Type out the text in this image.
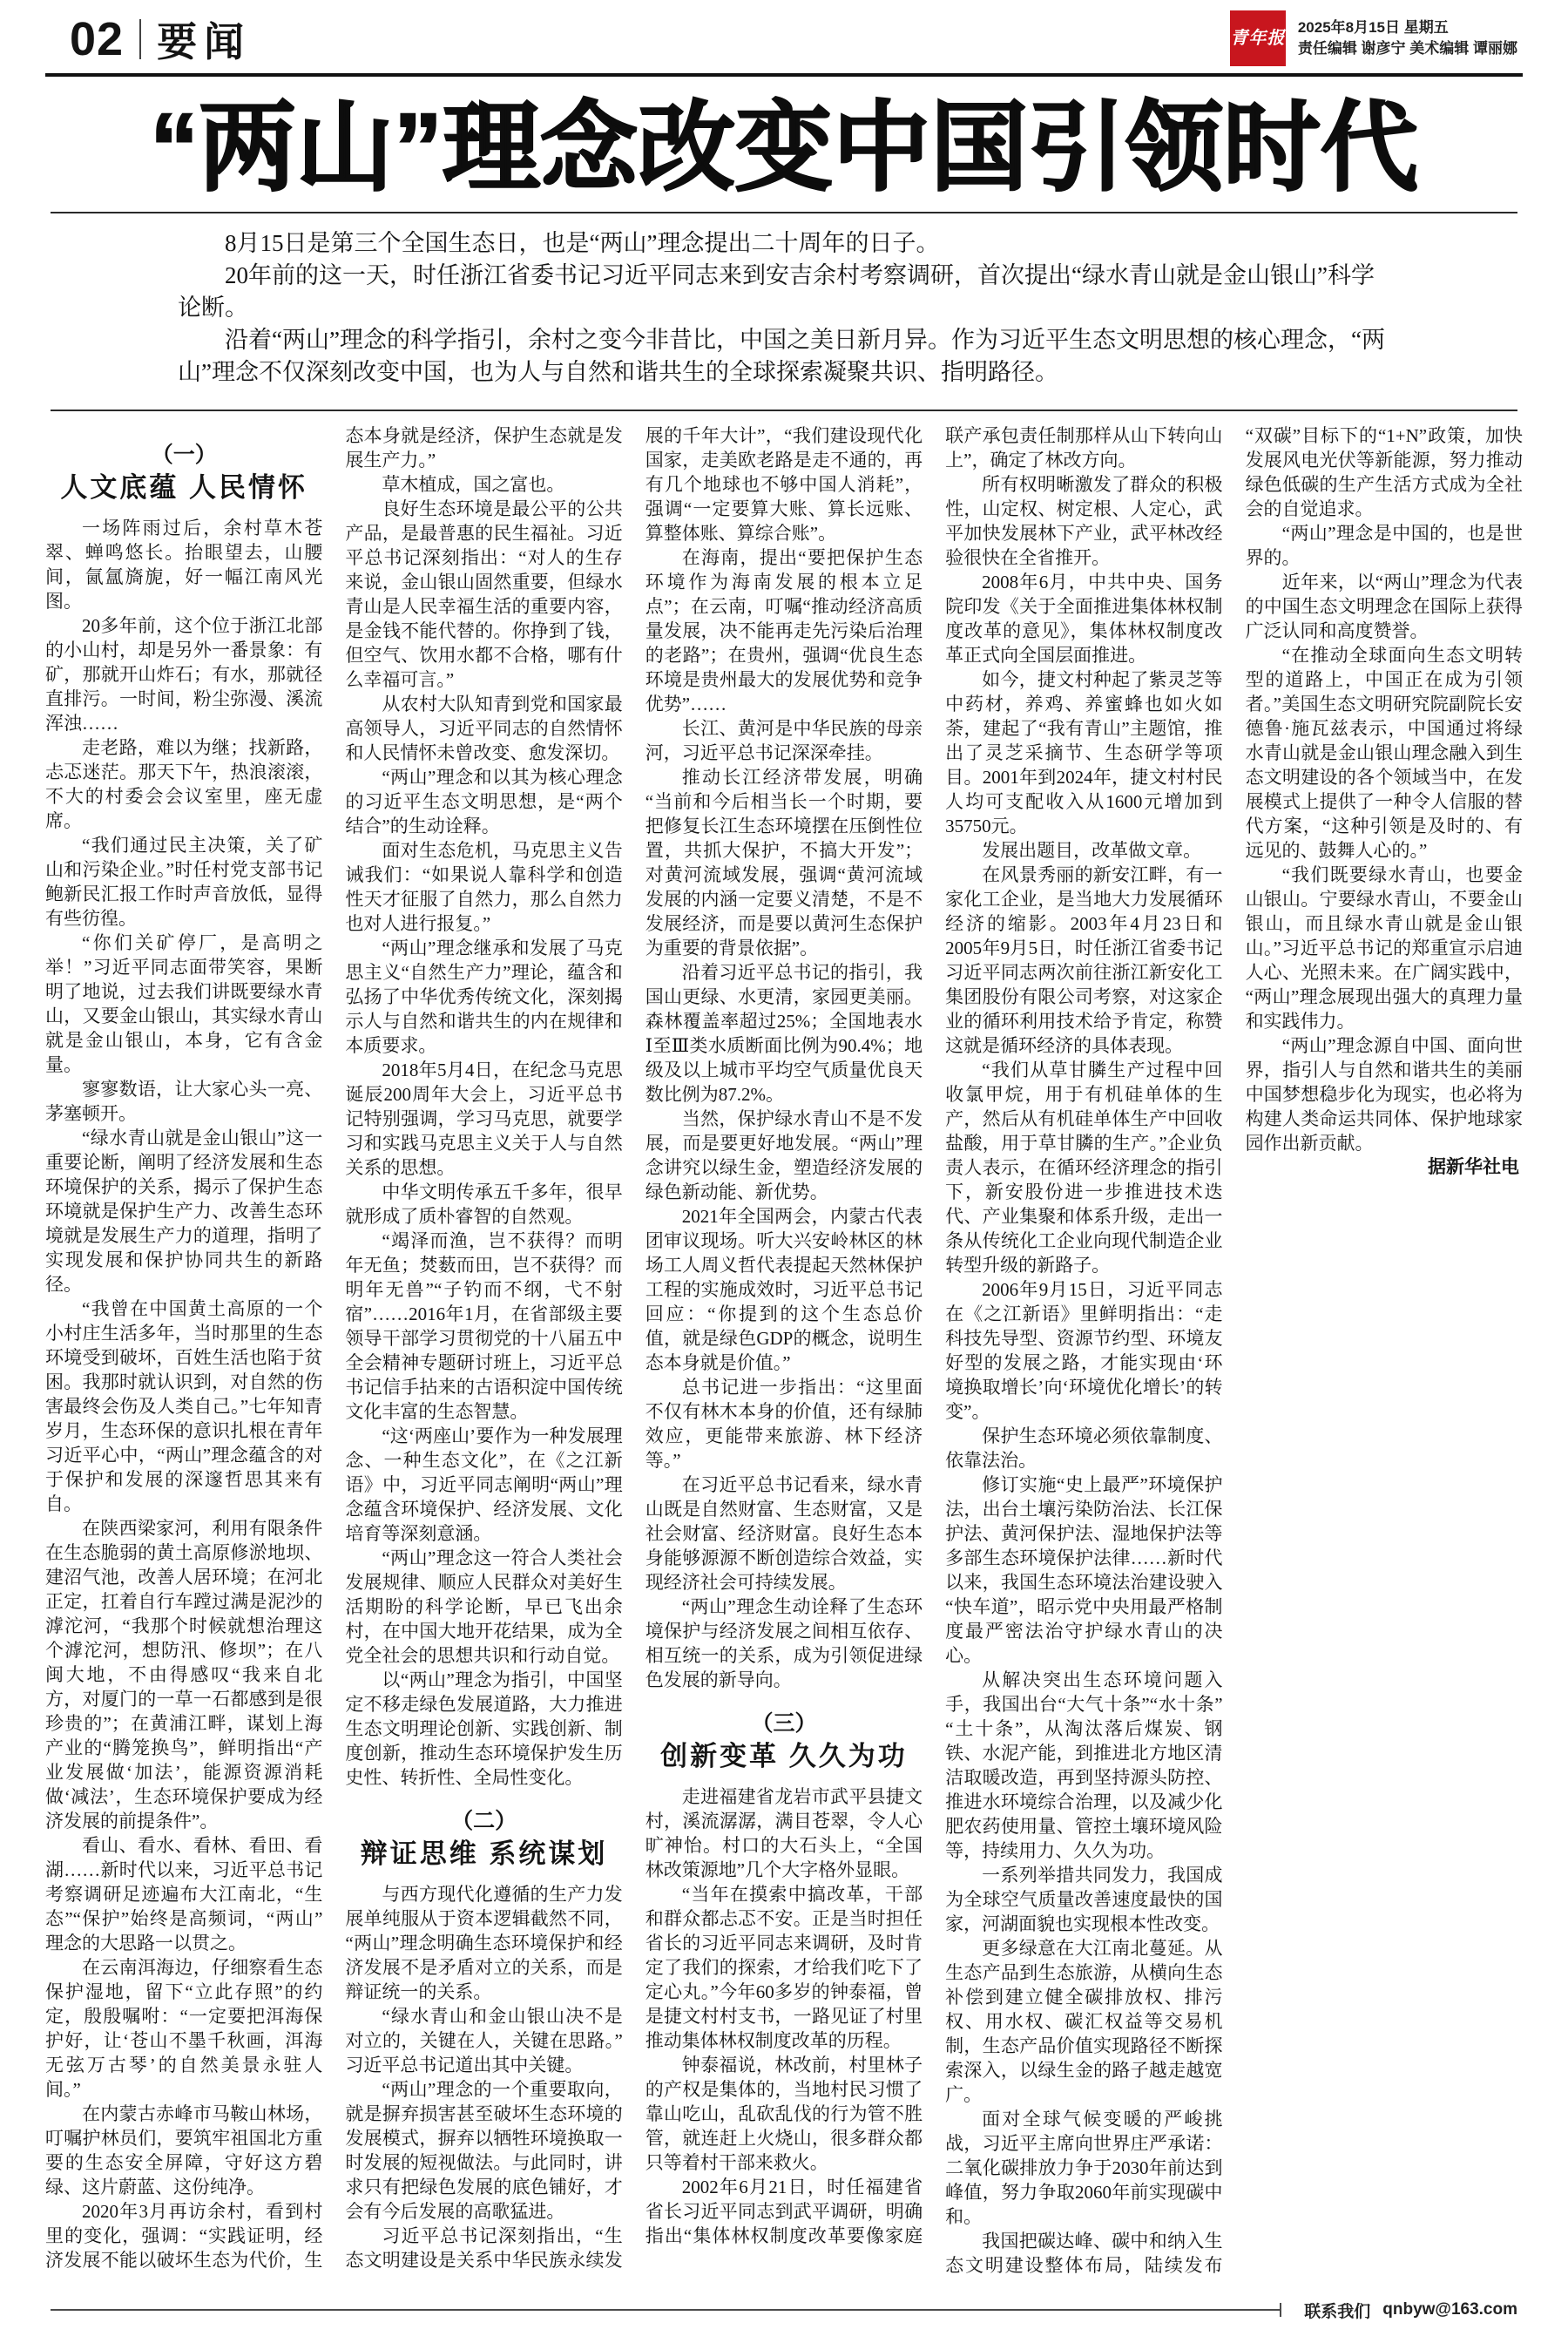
02 要闻	青年报
2025年8月15日 星期五
责任编辑 谢彦宁 美术编辑 谭丽娜
“两山”理念改变中国引领时代

8月15日是第三个全国生态日，也是“两山”理念提出二十周年的日子。

20年前的这一天，时任浙江省委书记习近平同志来到安吉余村考察调研，首次提出“绿水青山就是金山银山”科学论断。

沿着“两山”理念的科学指引，余村之变今非昔比，中国之美日新月异。作为习近平生态文明思想的核心理念，“两山”理念不仅深刻改变中国，也为人与自然和谐共生的全球探索凝聚共识、指明路径。

（一）
人文底蕴 人民情怀

一场阵雨过后，余村草木苍翠、蝉鸣悠长。抬眼望去，山腰间，氤氲旖旎，好一幅江南风光图。

20多年前，这个位于浙江北部的小山村，却是另外一番景象：有矿，那就开山炸石；有水，那就径直排污。一时间，粉尘弥漫、溪流浑浊……

走老路，难以为继；找新路，忐忑迷茫。那天下午，热浪滚滚，不大的村委会会议室里，座无虚席。

“我们通过民主决策，关了矿山和污染企业。”时任村党支部书记鲍新民汇报工作时声音放低，显得有些彷徨。

“你们关矿停厂，是高明之举！”习近平同志面带笑容，果断明了地说，过去我们讲既要绿水青山，又要金山银山，其实绿水青山就是金山银山，本身，它有含金量。

寥寥数语，让大家心头一亮、茅塞顿开。

“绿水青山就是金山银山”这一重要论断，阐明了经济发展和生态环境保护的关系，揭示了保护生态环境就是保护生产力、改善生态环境就是发展生产力的道理，指明了实现发展和保护协同共生的新路径。

“我曾在中国黄土高原的一个小村庄生活多年，当时那里的生态环境受到破坏，百姓生活也陷于贫困。我那时就认识到，对自然的伤害最终会伤及人类自己。”七年知青岁月，生态环保的意识扎根在青年习近平心中，“两山”理念蕴含的对于保护和发展的深邃哲思其来有自。

在陕西梁家河，利用有限条件在生态脆弱的黄土高原修淤地坝、建沼气池，改善人居环境；在河北正定，扛着自行车蹚过满是泥沙的滹沱河，“我那个时候就想治理这个滹沱河，想防汛、修坝”；在八闽大地，不由得感叹“我来自北方，对厦门的一草一石都感到是很珍贵的”；在黄浦江畔，谋划上海产业的“腾笼换鸟”，鲜明指出“产业发展做‘加法’，能源资源消耗做‘减法’，生态环境保护要成为经济发展的前提条件”。

看山、看水、看林、看田、看湖……新时代以来，习近平总书记考察调研足迹遍布大江南北，“生态”“保护”始终是高频词，“两山”理念的大思路一以贯之。

在云南洱海边，仔细察看生态保护湿地，留下“立此存照”的约定，殷殷嘱咐：“一定要把洱海保护好，让‘苍山不墨千秋画，洱海无弦万古琴’的自然美景永驻人间。”

在内蒙古赤峰市马鞍山林场，叮嘱护林员们，要筑牢祖国北方重要的生态安全屏障，守好这方碧绿、这片蔚蓝、这份纯净。

2020年3月再访余村，看到村里的变化，强调：“实践证明，经济发展不能以破坏生态为代价，生态本身就是经济，保护生态就是发展生产力。”

草木植成，国之富也。

良好生态环境是最公平的公共产品，是最普惠的民生福祉。习近平总书记深刻指出：“对人的生存来说，金山银山固然重要，但绿水青山是人民幸福生活的重要内容，是金钱不能代替的。你挣到了钱，但空气、饮用水都不合格，哪有什么幸福可言。”

从农村大队知青到党和国家最高领导人，习近平同志的自然情怀和人民情怀未曾改变、愈发深切。

“两山”理念和以其为核心理念的习近平生态文明思想，是“两个结合”的生动诠释。

面对生态危机，马克思主义告诫我们：“如果说人靠科学和创造性天才征服了自然力，那么自然力也对人进行报复。”

“两山”理念继承和发展了马克思主义“自然生产力”理论，蕴含和弘扬了中华优秀传统文化，深刻揭示人与自然和谐共生的内在规律和本质要求。

2018年5月4日，在纪念马克思诞辰200周年大会上，习近平总书记特别强调，学习马克思，就要学习和实践马克思主义关于人与自然关系的思想。

中华文明传承五千多年，很早就形成了质朴睿智的自然观。

“竭泽而渔，岂不获得？而明年无鱼；焚薮而田，岂不获得？而明年无兽”“子钓而不纲，弋不射宿”……2016年1月，在省部级主要领导干部学习贯彻党的十八届五中全会精神专题研讨班上，习近平总书记信手拈来的古语积淀中国传统文化丰富的生态智慧。

“这‘两座山’要作为一种发展理念、一种生态文化”，在《之江新语》中，习近平同志阐明“两山”理念蕴含环境保护、经济发展、文化培育等深刻意涵。

“两山”理念这一符合人类社会发展规律、顺应人民群众对美好生活期盼的科学论断，早已飞出余村，在中国大地开花结果，成为全党全社会的思想共识和行动自觉。

以“两山”理念为指引，中国坚定不移走绿色发展道路，大力推进生态文明理论创新、实践创新、制度创新，推动生态环境保护发生历史性、转折性、全局性变化。

（二）
辩证思维 系统谋划

与西方现代化遵循的生产力发展单纯服从于资本逻辑截然不同，“两山”理念明确生态环境保护和经济发展不是矛盾对立的关系，而是辩证统一的关系。

“绿水青山和金山银山决不是对立的，关键在人，关键在思路。”习近平总书记道出其中关键。

“两山”理念的一个重要取向，就是摒弃损害甚至破坏生态环境的发展模式，摒弃以牺牲环境换取一时发展的短视做法。与此同时，讲求只有把绿色发展的底色铺好，才会有今后发展的高歌猛进。

习近平总书记深刻指出，“生态文明建设是关系中华民族永续发展的千年大计”，“我们建设现代化国家，走美欧老路是走不通的，再有几个地球也不够中国人消耗”，强调“一定要算大账、算长远账、算整体账、算综合账”。

在海南，提出“要把保护生态环境作为海南发展的根本立足点”；在云南，叮嘱“推动经济高质量发展，决不能再走先污染后治理的老路”；在贵州，强调“优良生态环境是贵州最大的发展优势和竞争优势”……

长江、黄河是中华民族的母亲河，习近平总书记深深牵挂。

推动长江经济带发展，明确“当前和今后相当长一个时期，要把修复长江生态环境摆在压倒性位置，共抓大保护，不搞大开发”；对黄河流域发展，强调“黄河流域发展的内涵一定要义清楚，不是不发展经济，而是要以黄河生态保护为重要的背景依据”。

沿着习近平总书记的指引，我国山更绿、水更清，家园更美丽。森林覆盖率超过25%；全国地表水Ⅰ至Ⅲ类水质断面比例为90.4%；地级及以上城市平均空气质量优良天数比例为87.2%。

当然，保护绿水青山不是不发展，而是要更好地发展。“两山”理念讲究以绿生金，塑造经济发展的绿色新动能、新优势。

2021年全国两会，内蒙古代表团审议现场。听大兴安岭林区的林场工人周义哲代表提起天然林保护工程的实施成效时，习近平总书记回应：“你提到的这个生态总价值，就是绿色GDP的概念，说明生态本身就是价值。”

总书记进一步指出：“这里面不仅有林木本身的价值，还有绿肺效应，更能带来旅游、林下经济等。”

在习近平总书记看来，绿水青山既是自然财富、生态财富，又是社会财富、经济财富。良好生态本身能够源源不断创造综合效益，实现经济社会可持续发展。

“两山”理念生动诠释了生态环境保护与经济发展之间相互依存、相互统一的关系，成为引领促进绿色发展的新导向。

（三）
创新变革 久久为功

走进福建省龙岩市武平县捷文村，溪流潺潺，满目苍翠，令人心旷神怡。村口的大石头上，“全国林改策源地”几个大字格外显眼。

“当年在摸索中搞改革，干部和群众都忐忑不安。正是当时担任省长的习近平同志来调研，及时肯定了我们的探索，才给我们吃下了定心丸。”今年60多岁的钟泰福，曾是捷文村村支书，一路见证了村里推动集体林权制度改革的历程。

钟泰福说，林改前，村里林子的产权是集体的，当地村民习惯了靠山吃山，乱砍乱伐的行为管不胜管，就连赶上火烧山，很多群众都只等着村干部来救火。

2002年6月21日，时任福建省省长习近平同志到武平调研，明确指出“集体林权制度改革要像家庭联产承包责任制那样从山下转向山上”，确定了林改方向。

所有权明晰激发了群众的积极性，山定权、树定根、人定心，武平加快发展林下产业，武平林改经验很快在全省推开。

2008年6月，中共中央、国务院印发《关于全面推进集体林权制度改革的意见》，集体林权制度改革正式向全国层面推进。

如今，捷文村种起了紫灵芝等中药材，养鸡、养蜜蜂也如火如荼，建起了“我有青山”主题馆，推出了灵芝采摘节、生态研学等项目。2001年到2024年，捷文村村民人均可支配收入从1600元增加到35750元。

发展出题目，改革做文章。

在风景秀丽的新安江畔，有一家化工企业，是当地大力发展循环经济的缩影。2003年4月23日和2005年9月5日，时任浙江省委书记习近平同志两次前往浙江新安化工集团股份有限公司考察，对这家企业的循环利用技术给予肯定，称赞这就是循环经济的具体表现。

“我们从草甘膦生产过程中回收氯甲烷，用于有机硅单体的生产，然后从有机硅单体生产中回收盐酸，用于草甘膦的生产。”企业负责人表示，在循环经济理念的指引下，新安股份进一步推进技术迭代、产业集聚和体系升级，走出一条从传统化工企业向现代制造企业转型升级的新路子。

2006年9月15日，习近平同志在《之江新语》里鲜明指出：“走科技先导型、资源节约型、环境友好型的发展之路，才能实现由‘环境换取增长’向‘环境优化增长’的转变”。

保护生态环境必须依靠制度、依靠法治。

修订实施“史上最严”环境保护法，出台土壤污染防治法、长江保护法、黄河保护法、湿地保护法等多部生态环境保护法律……新时代以来，我国生态环境法治建设驶入“快车道”，昭示党中央用最严格制度最严密法治守护绿水青山的决心。

从解决突出生态环境问题入手，我国出台“大气十条”“水十条”“土十条”，从淘汰落后煤炭、钢铁、水泥产能，到推进北方地区清洁取暖改造，再到坚持源头防控、推进水环境综合治理，以及减少化肥农药使用量、管控土壤环境风险等，持续用力、久久为功。

一系列举措共同发力，我国成为全球空气质量改善速度最快的国家，河湖面貌也实现根本性改变。

更多绿意在大江南北蔓延。从生态产品到生态旅游，从横向生态补偿到建立健全碳排放权、排污权、用水权、碳汇权益等交易机制，生态产品价值实现路径不断探索深入，以绿生金的路子越走越宽广。

面对全球气候变暖的严峻挑战，习近平主席向世界庄严承诺：二氧化碳排放力争于2030年前达到峰值，努力争取2060年前实现碳中和。

我国把碳达峰、碳中和纳入生态文明建设整体布局，陆续发布“双碳”目标下的“1+N”政策，加快发展风电光伏等新能源，努力推动绿色低碳的生产生活方式成为全社会的自觉追求。

“两山”理念是中国的，也是世界的。

近年来，以“两山”理念为代表的中国生态文明理念在国际上获得广泛认同和高度赞誉。

“在推动全球面向生态文明转型的道路上，中国正在成为引领者。”美国生态文明研究院副院长安德鲁·施瓦兹表示，中国通过将绿水青山就是金山银山理念融入到生态文明建设的各个领域当中，在发展模式上提供了一种令人信服的替代方案，“这种引领是及时的、有远见的、鼓舞人心的。”

“我们既要绿水青山，也要金山银山。宁要绿水青山，不要金山银山，而且绿水青山就是金山银山。”习近平总书记的郑重宣示启迪人心、光照未来。在广阔实践中，“两山”理念展现出强大的真理力量和实践伟力。

“两山”理念源自中国、面向世界，指引人与自然和谐共生的美丽中国梦想稳步化为现实，也必将为构建人类命运共同体、保护地球家园作出新贡献。

据新华社电

联系我们 qnbyw@163.com
